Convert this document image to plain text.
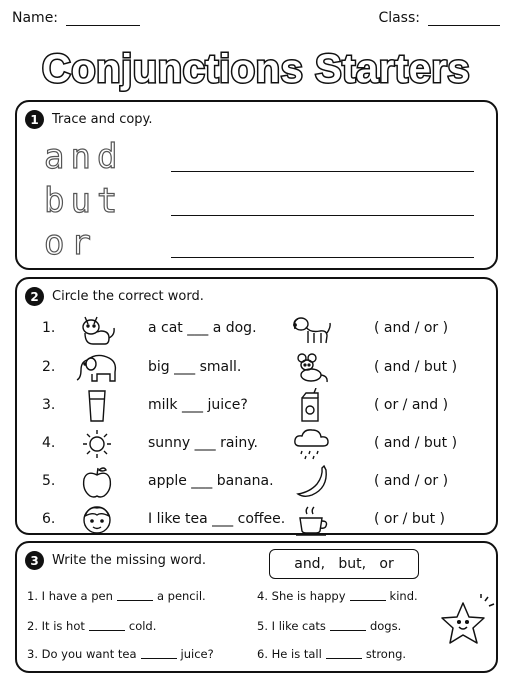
Name:	Class:
Conjunctions Starters
1	Trace and copy.
and
but
or
2	Circle the correct word.
1.	a cat ___ a dog.	( and / or )
2.	big ___ small.	( and / but )
3.	milk ___ juice?	( or / and )
4.	sunny ___ rainy.	( and / but )
5.	apple ___ banana.	( and / or )
6.	I like tea ___ coffee.	( or / but )
3	Write the missing word.	and,   but,   or
1. I have a pen	a pencil.
2. It is hot	cold.
3. Do you want tea	juice?
4. She is happy	kind.
5. I like cats	dogs.
6. He is tall	strong.
